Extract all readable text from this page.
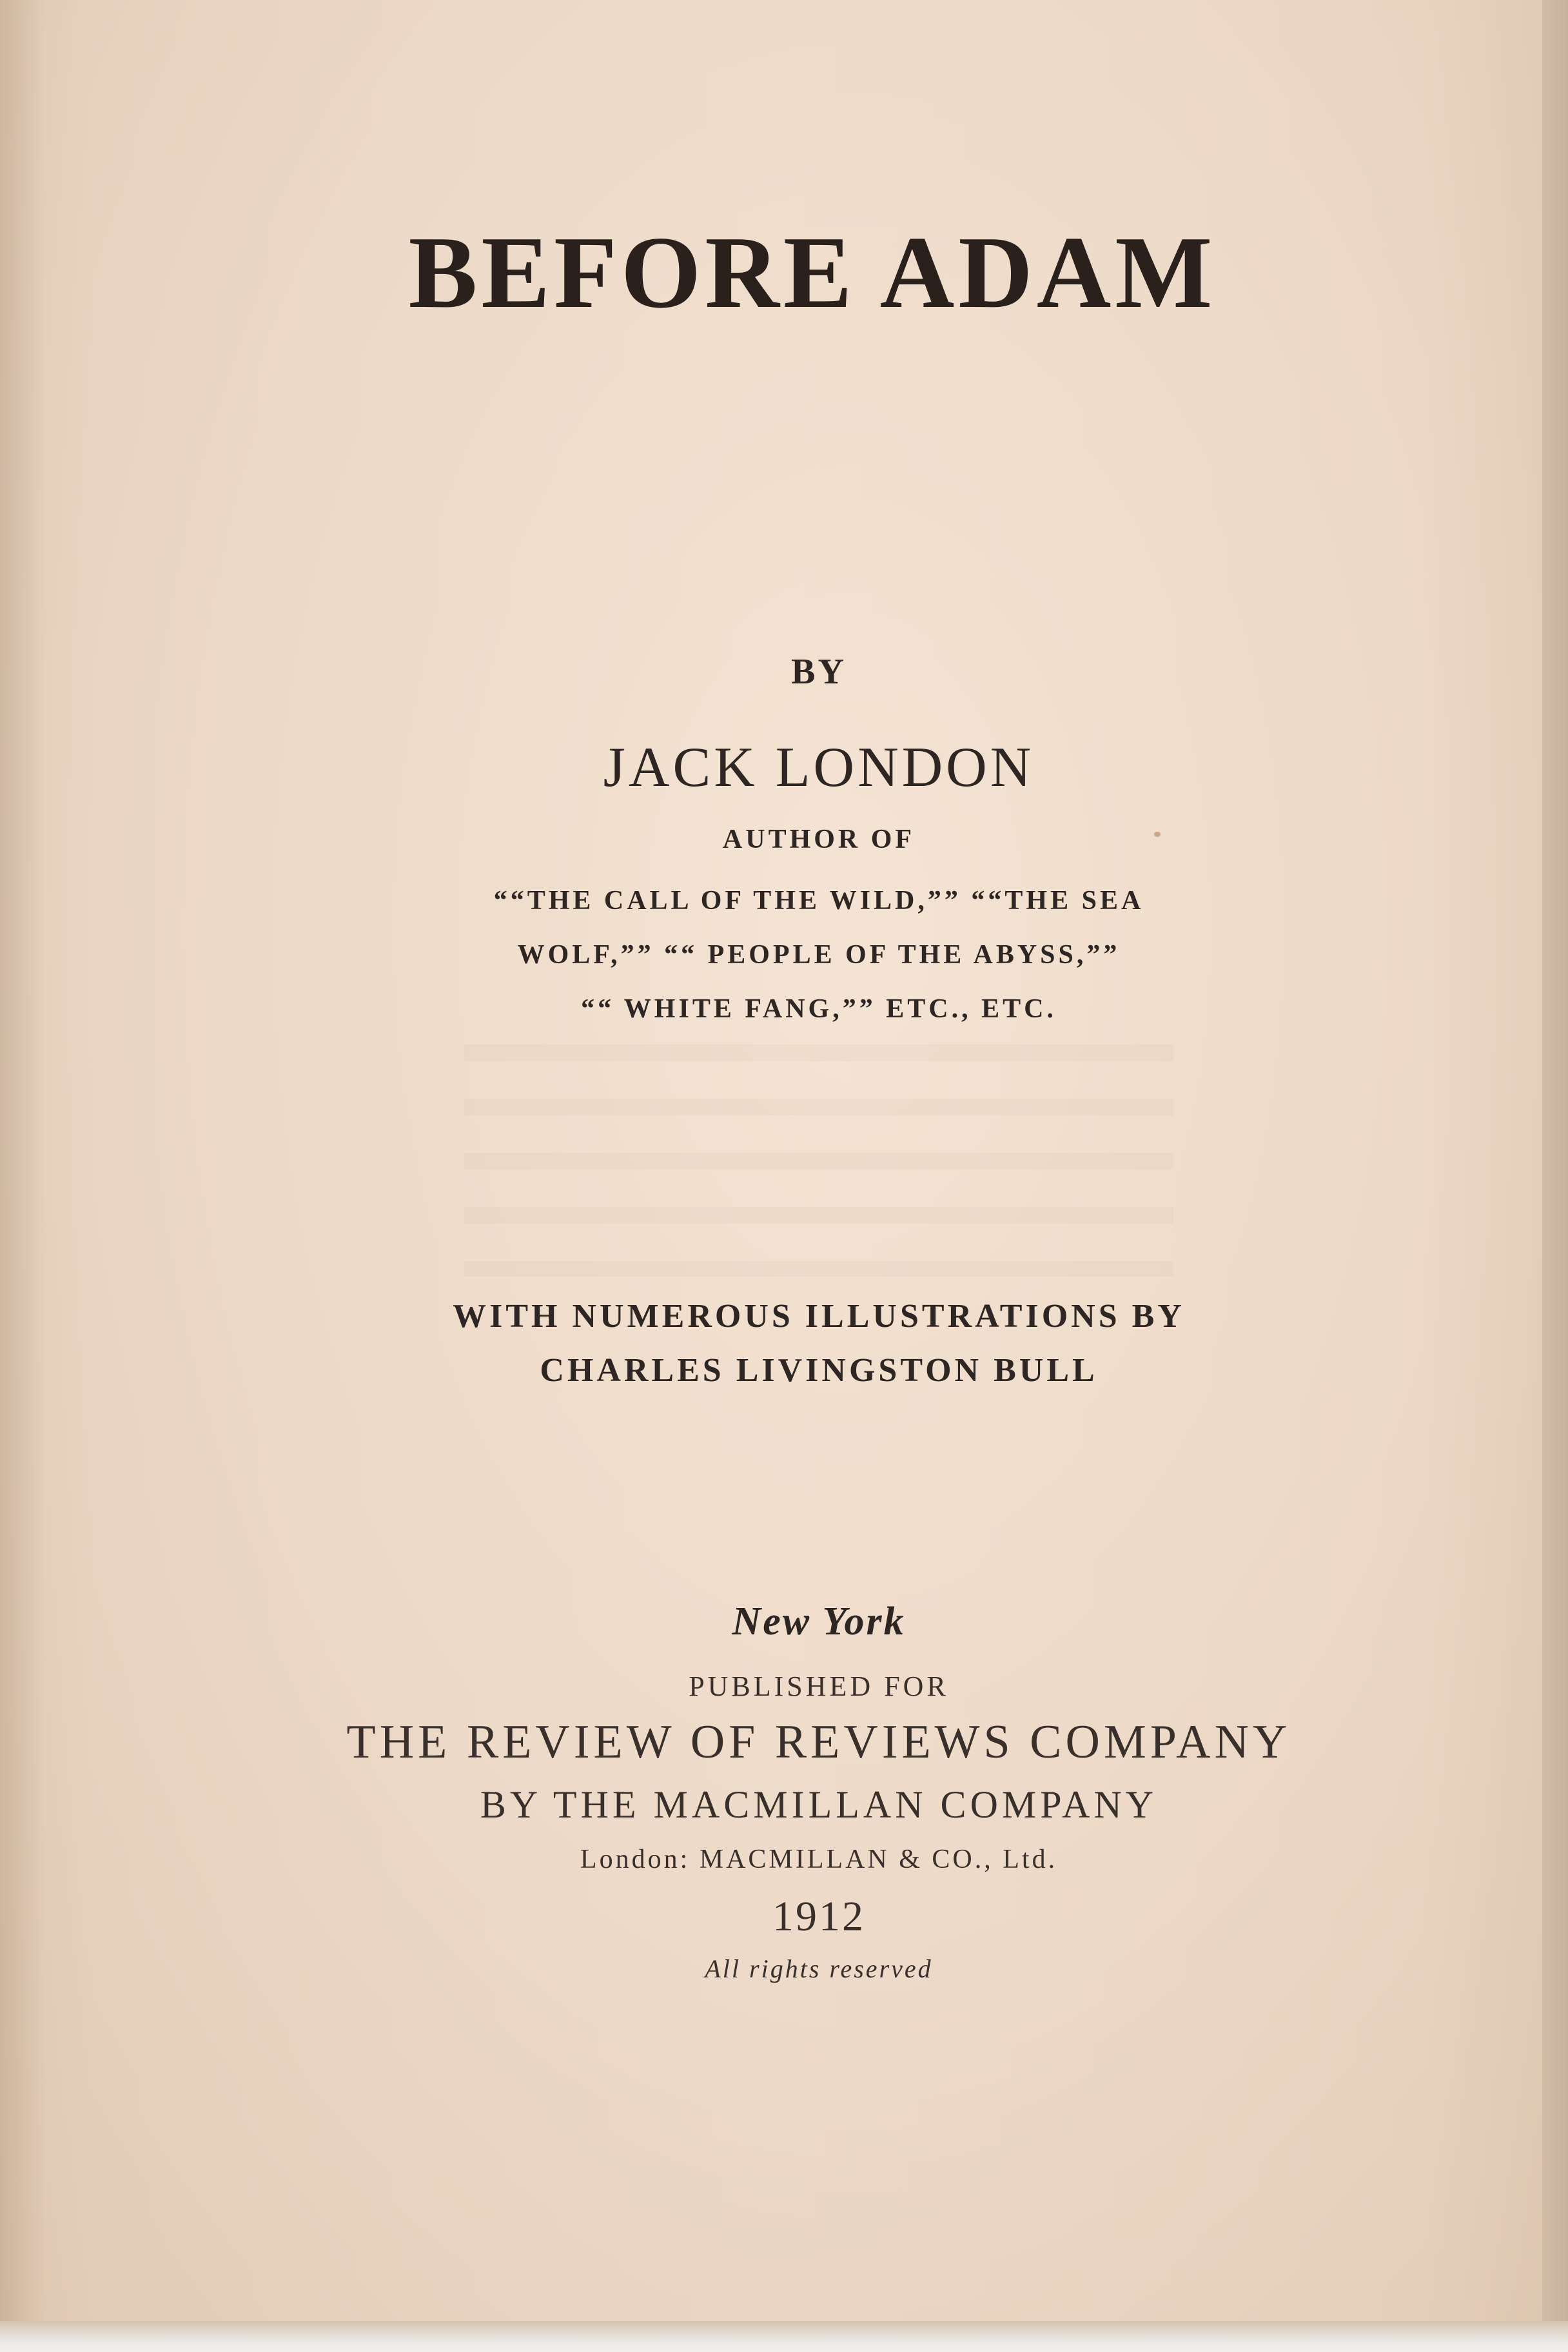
BEFORE ADAM
BY
JACK LONDON
AUTHOR OF
““THE CALL OF THE WILD,”” ““THE SEA
WOLF,”” ““ PEOPLE OF THE ABYSS,””
““ WHITE FANG,”” ETC., ETC.
WITH NUMEROUS ILLUSTRATIONS BY
CHARLES LIVINGSTON BULL
New York
PUBLISHED FOR
THE REVIEW OF REVIEWS COMPANY
BY THE MACMILLAN COMPANY
London: MACMILLAN & CO., Ltd.
1912
All rights reserved
